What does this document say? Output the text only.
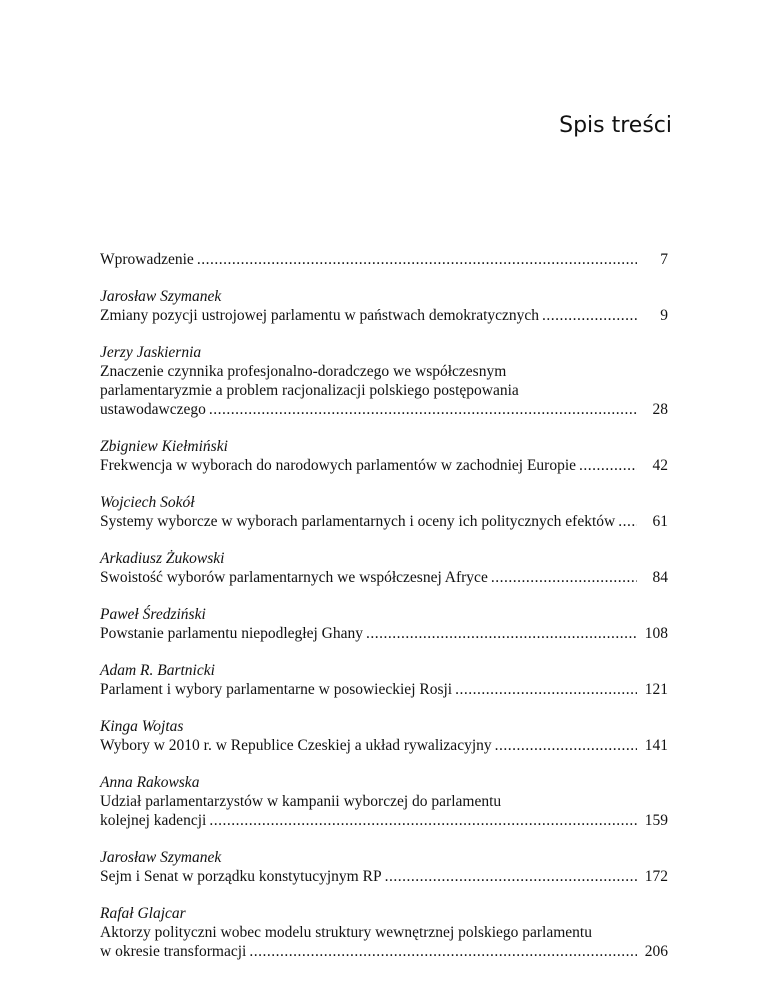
Spis treści
Wprowadzenie .....	7
Jarosław Szymanek
Zmiany pozycji ustrojowej parlamentu w państwach demokratycznych .....	9
Jerzy Jaskiernia
Znaczenie czynnika profesjonalno-doradczego we współczesnym
parlamentaryzmie a problem racjonalizacji polskiego postępowania
ustawodawczego .....	28
Zbigniew Kiełmiński
Frekwencja w wyborach do narodowych parlamentów w zachodniej Europie .....	42
Wojciech Sokół
Systemy wyborcze w wyborach parlamentarnych i oceny ich politycznych efektów .....	61
Arkadiusz Żukowski
Swoistość wyborów parlamentarnych we współczesnej Afryce .....	84
Paweł Średziński
Powstanie parlamentu niepodległej Ghany .....	108
Adam R. Bartnicki
Parlament i wybory parlamentarne w posowieckiej Rosji .....	121
Kinga Wojtas
Wybory w 2010 r. w Republice Czeskiej a układ rywalizacyjny .....	141
Anna Rakowska
Udział parlamentarzystów w kampanii wyborczej do parlamentu
kolejnej kadencji .....	159
Jarosław Szymanek
Sejm i Senat w porządku konstytucyjnym RP .....	172
Rafał Glajcar
Aktorzy polityczni wobec modelu struktury wewnętrznej polskiego parlamentu
w okresie transformacji .....	206
